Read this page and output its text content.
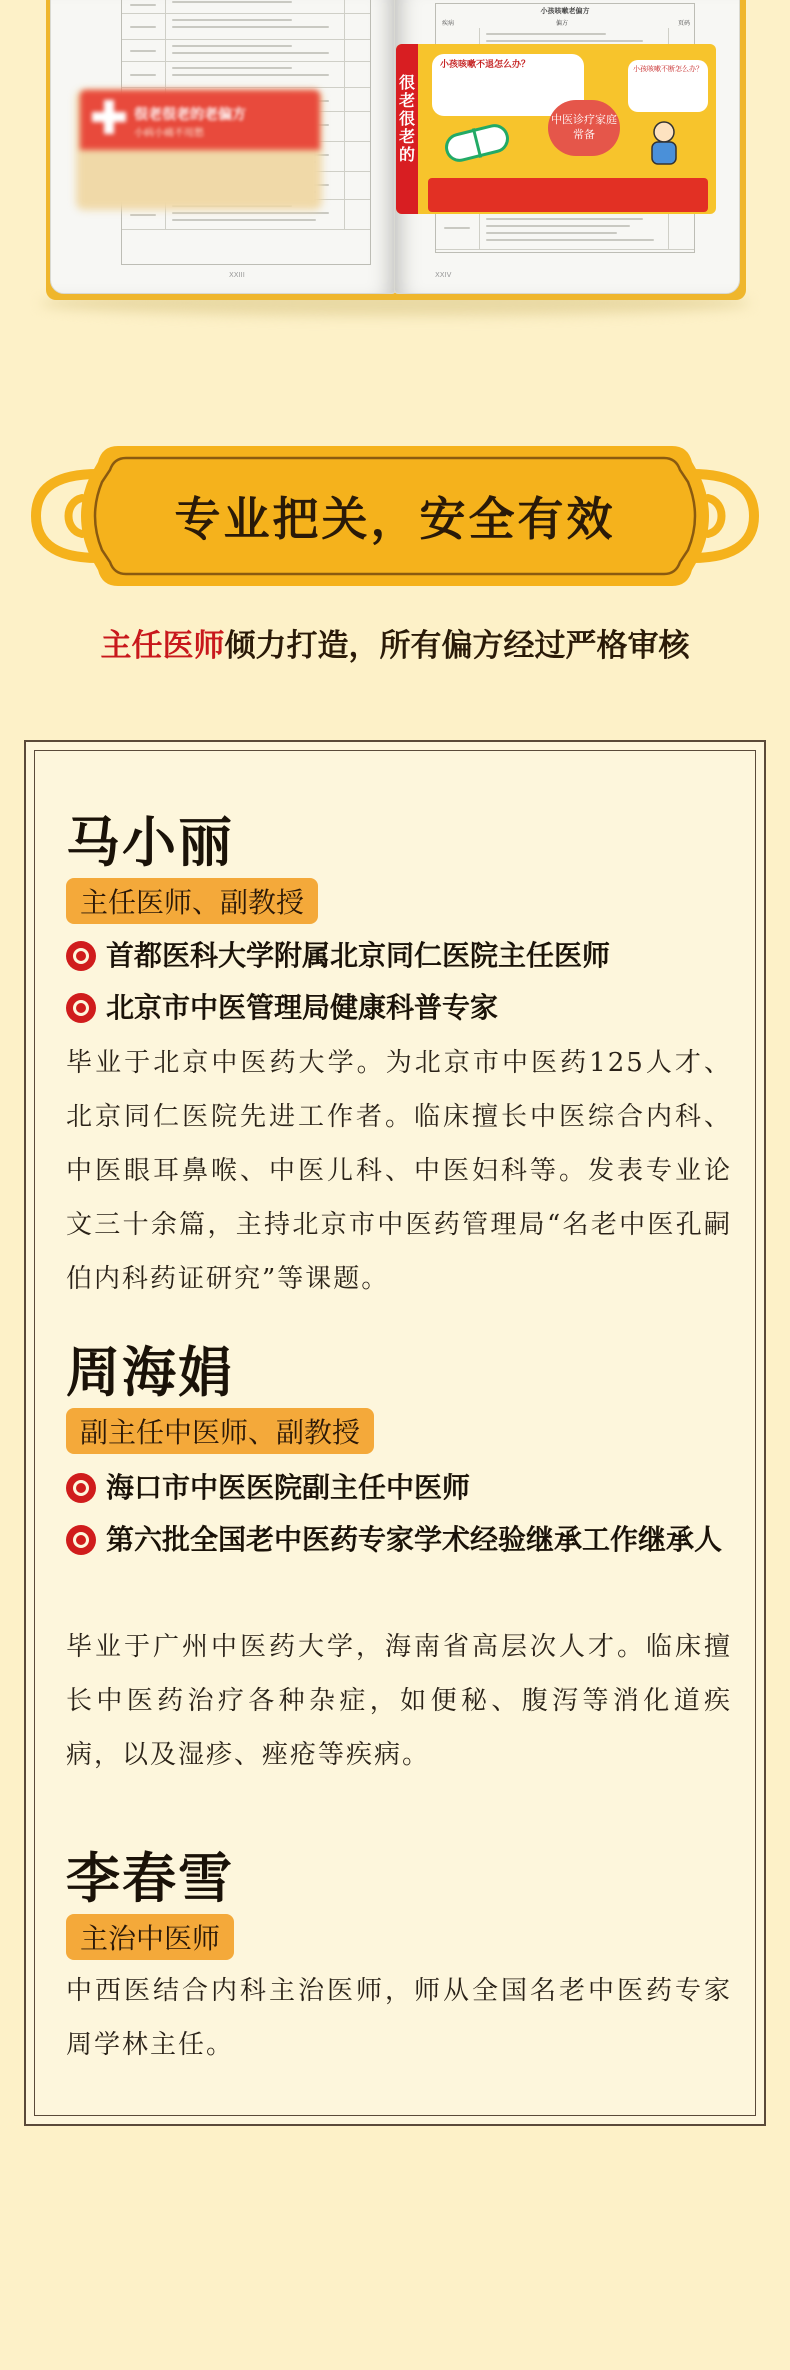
XXIII
小孩咳嗽老偏方
疾病	偏方	页码
XXIV
专业把关，安全有效
主任医师倾力打造，所有偏方经过严格审核
马小丽
主任医师、副教授
首都医科大学附属北京同仁医院主任医师
北京市中医管理局健康科普专家
毕业于北京中医药大学。为北京市中医药125人才、北京同仁医院先进工作者。临床擅长中医综合内科、中医眼耳鼻喉、中医儿科、中医妇科等。发表专业论文三十余篇，主持北京市中医药管理局“名老中医孔嗣伯内科药证研究”等课题。
周海娟
副主任中医师、副教授
海口市中医医院副主任中医师
第六批全国老中医药专家学术经验继承工作继承人
毕业于广州中医药大学，海南省高层次人才。临床擅长中医药治疗各种杂症，如便秘、腹泻等消化道疾病，以及湿疹、痤疮等疾病。
李春雪
主治中医师
中西医结合内科主治医师，师从全国名老中医药专家周学林主任。
很老很老的老偏方
小病小痛不用愁
很老很老的
小孩咳嗽不退怎么办？
中医诊疗家庭常备
小孩咳嗽不断怎么办？
